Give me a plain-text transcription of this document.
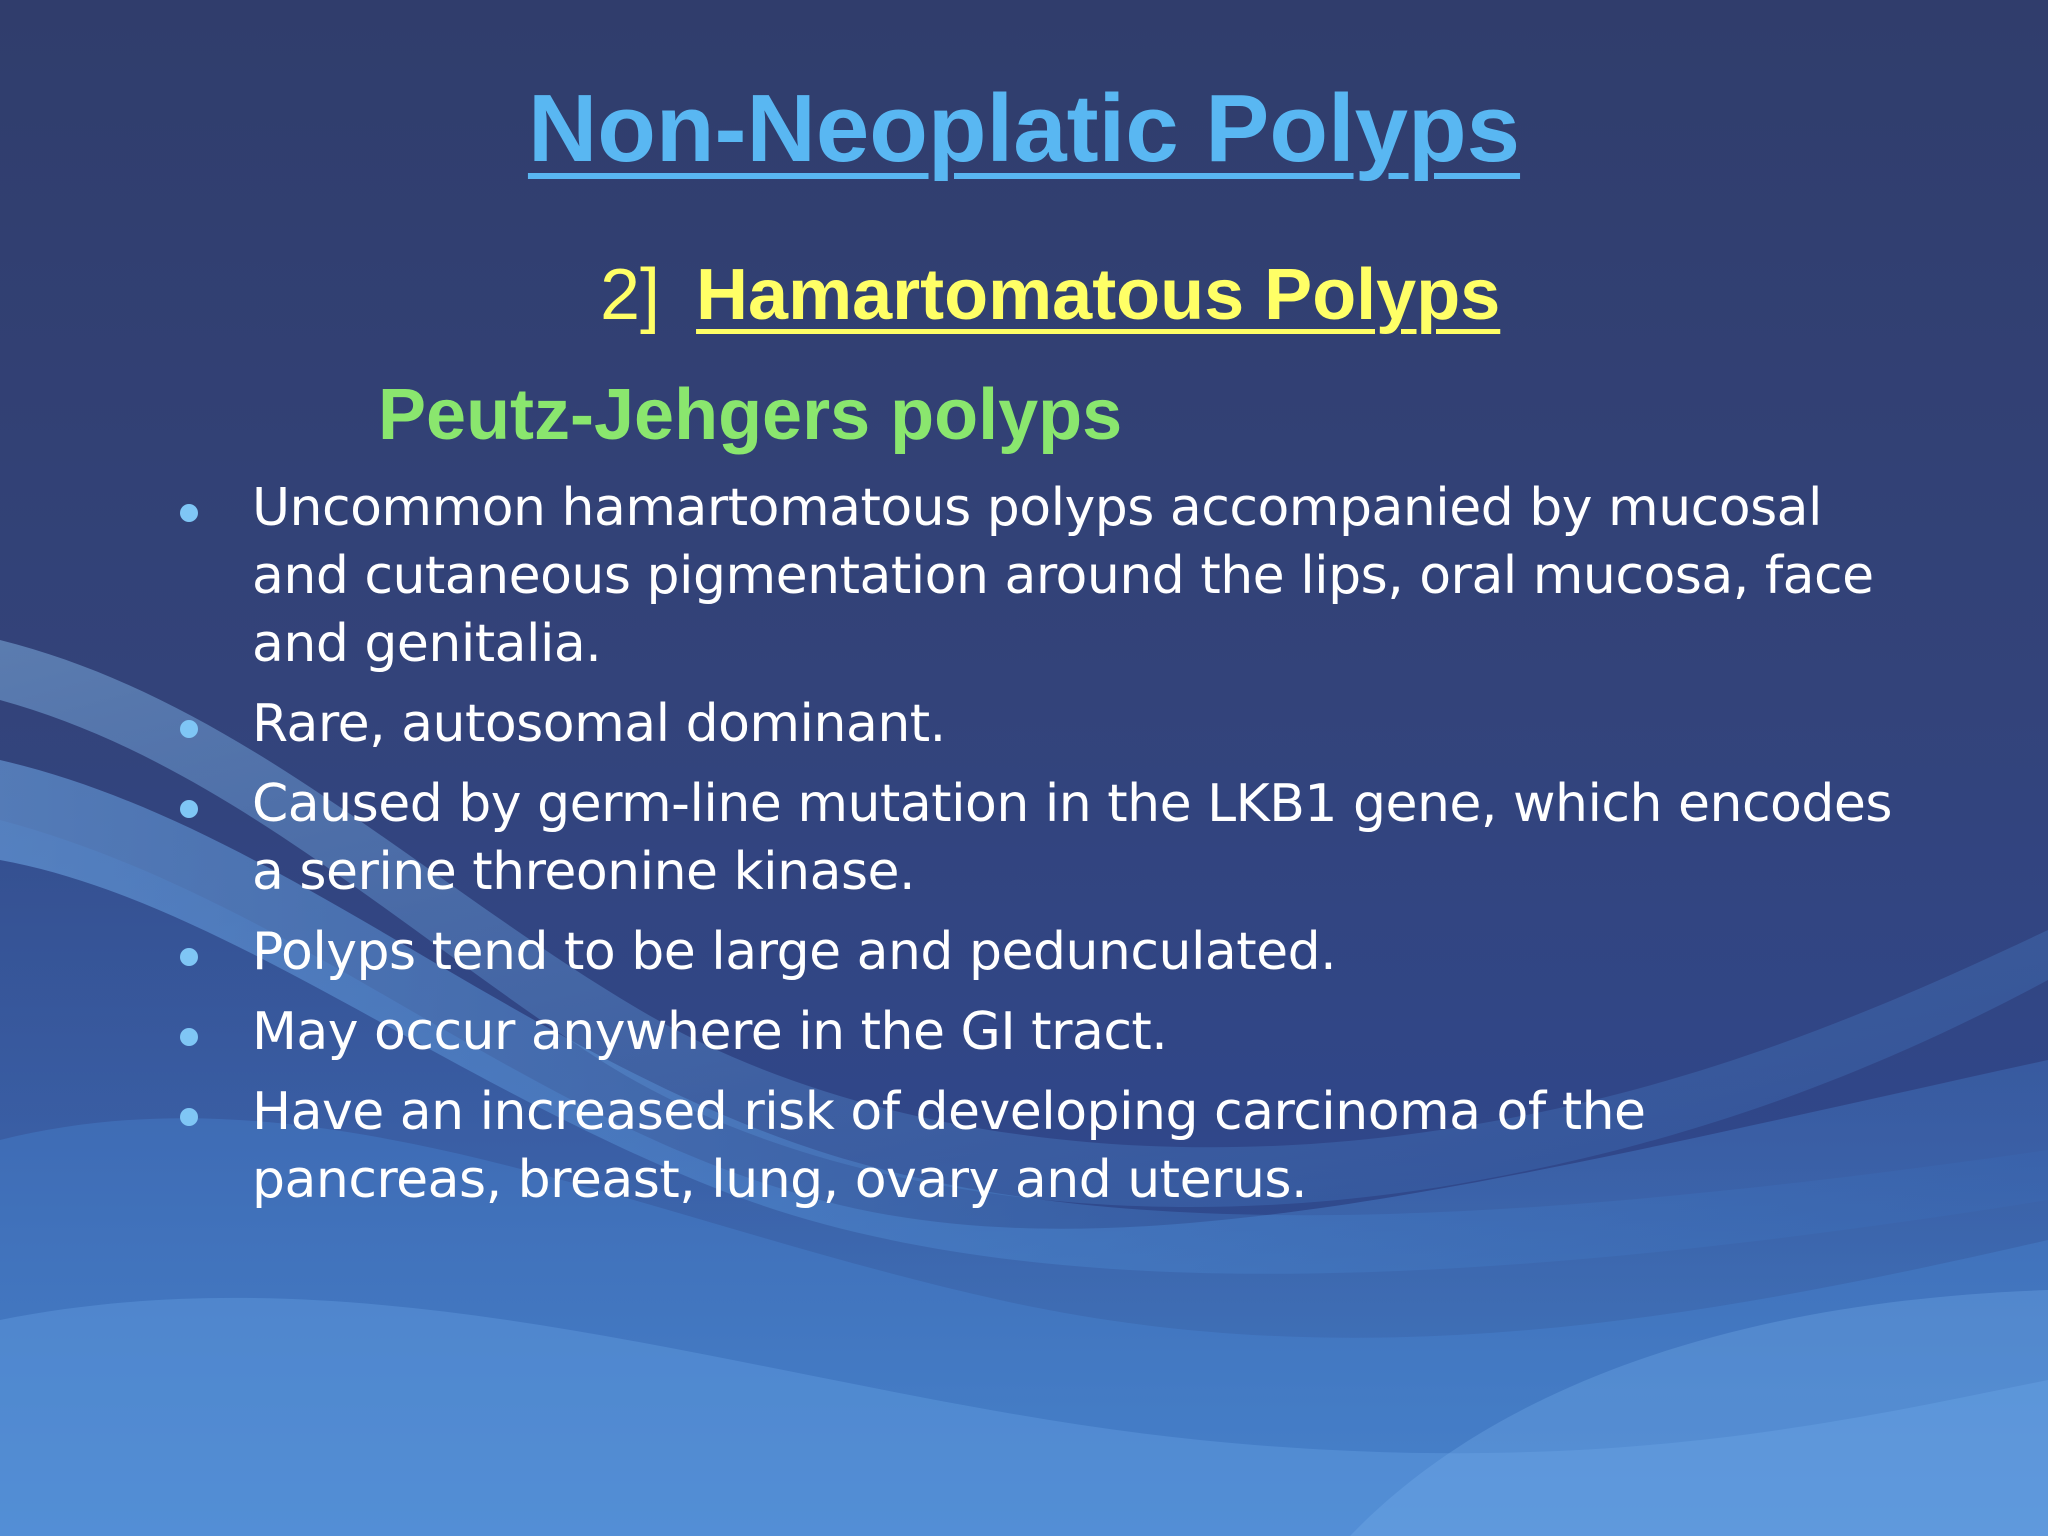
Non-Neoplatic Polyps
2] Hamartomatous Polyps
Peutz-Jehgers polyps
Uncommon hamartomatous polyps accompanied by mucosal and cutaneous pigmentation around the lips, oral mucosa, face and genitalia.
Rare, autosomal dominant.
Caused by germ-line mutation in the LKB1 gene, which encodes a serine threonine kinase.
Polyps tend to be large and pedunculated.
May occur anywhere in the GI tract.
Have an increased risk of developing carcinoma of the pancreas, breast, lung, ovary and uterus.
